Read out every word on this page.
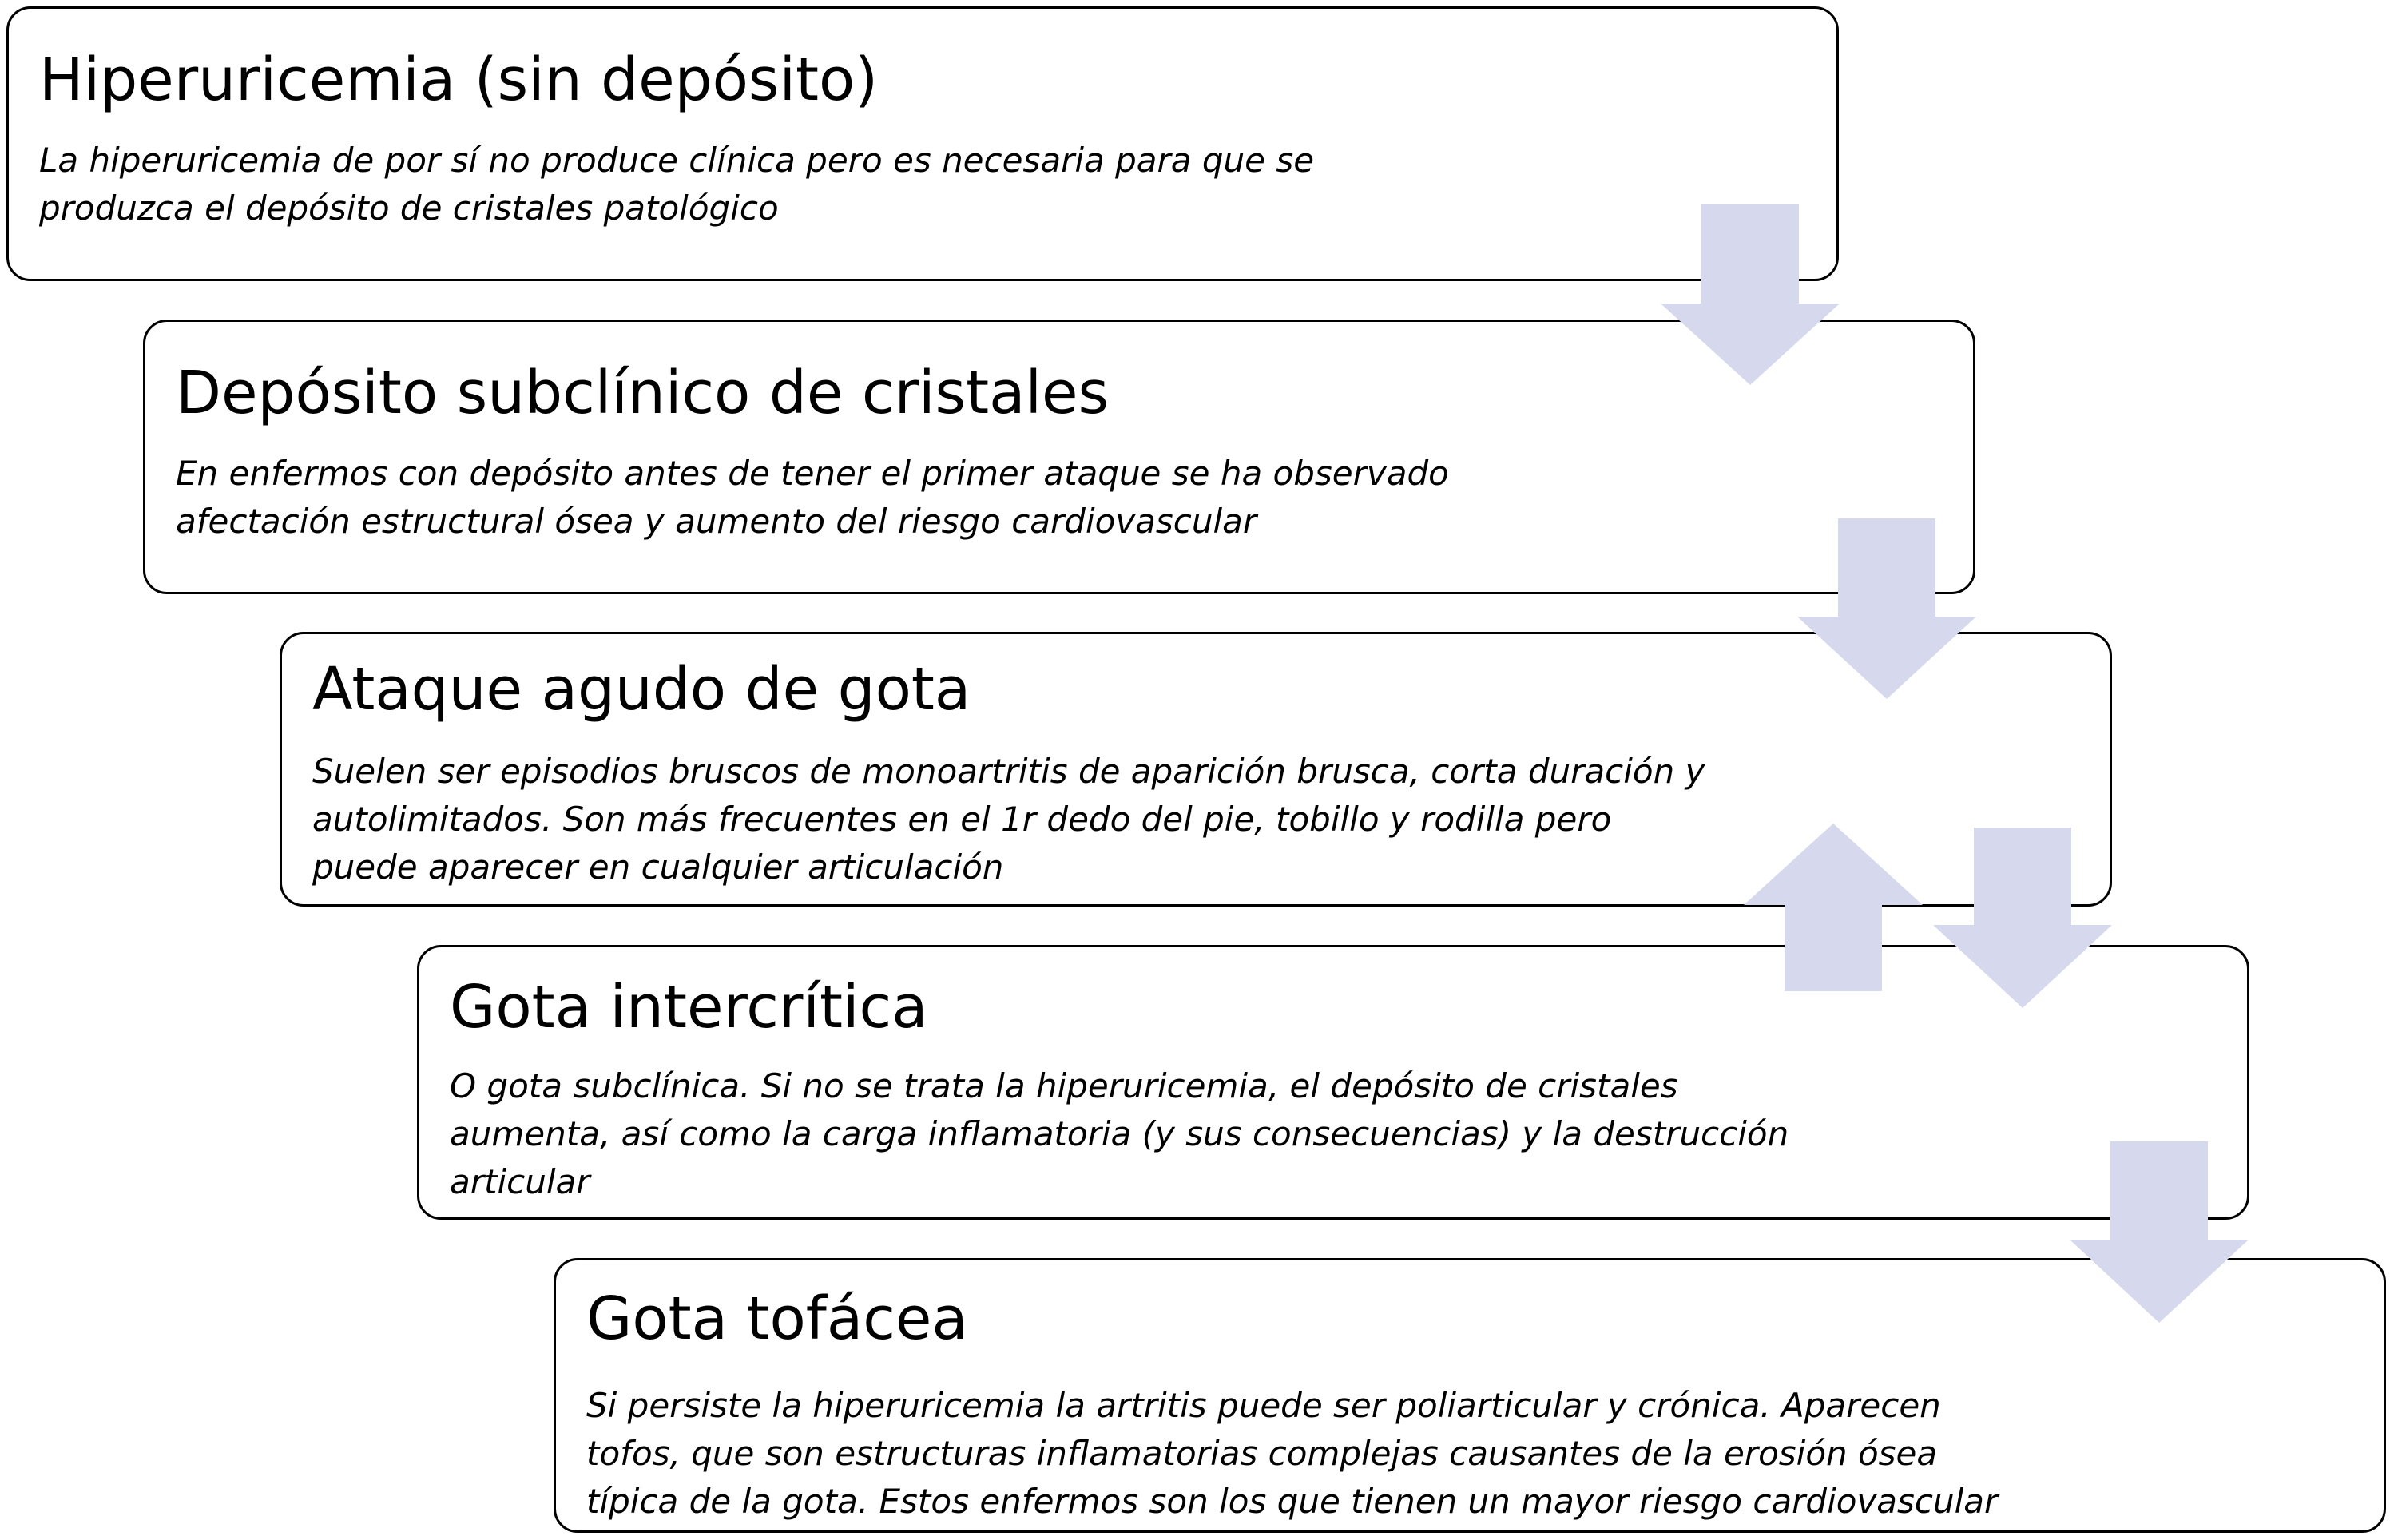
Hiperuricemia (sin depósito)
La hiperuricemia de por sí no produce clínica pero es necesaria para que se
produzca el depósito de cristales patológico
Depósito subclínico de cristales
En enfermos con depósito antes de tener el primer ataque se ha observado
afectación estructural ósea y aumento del riesgo cardiovascular
Ataque agudo de gota
Suelen ser episodios bruscos de monoartritis de aparición brusca, corta duración y
autolimitados. Son más frecuentes en el 1r dedo del pie, tobillo y rodilla pero
puede aparecer en cualquier articulación
Gota intercrítica
O gota subclínica. Si no se trata la hiperuricemia, el depósito de cristales
aumenta, así como la carga inflamatoria (y sus consecuencias) y la destrucción
articular
Gota tofácea
Si persiste la hiperuricemia la artritis puede ser poliarticular y crónica. Aparecen
tofos, que son estructuras inflamatorias complejas causantes de la erosión ósea
típica de la gota. Estos enfermos son los que tienen un mayor riesgo cardiovascular
